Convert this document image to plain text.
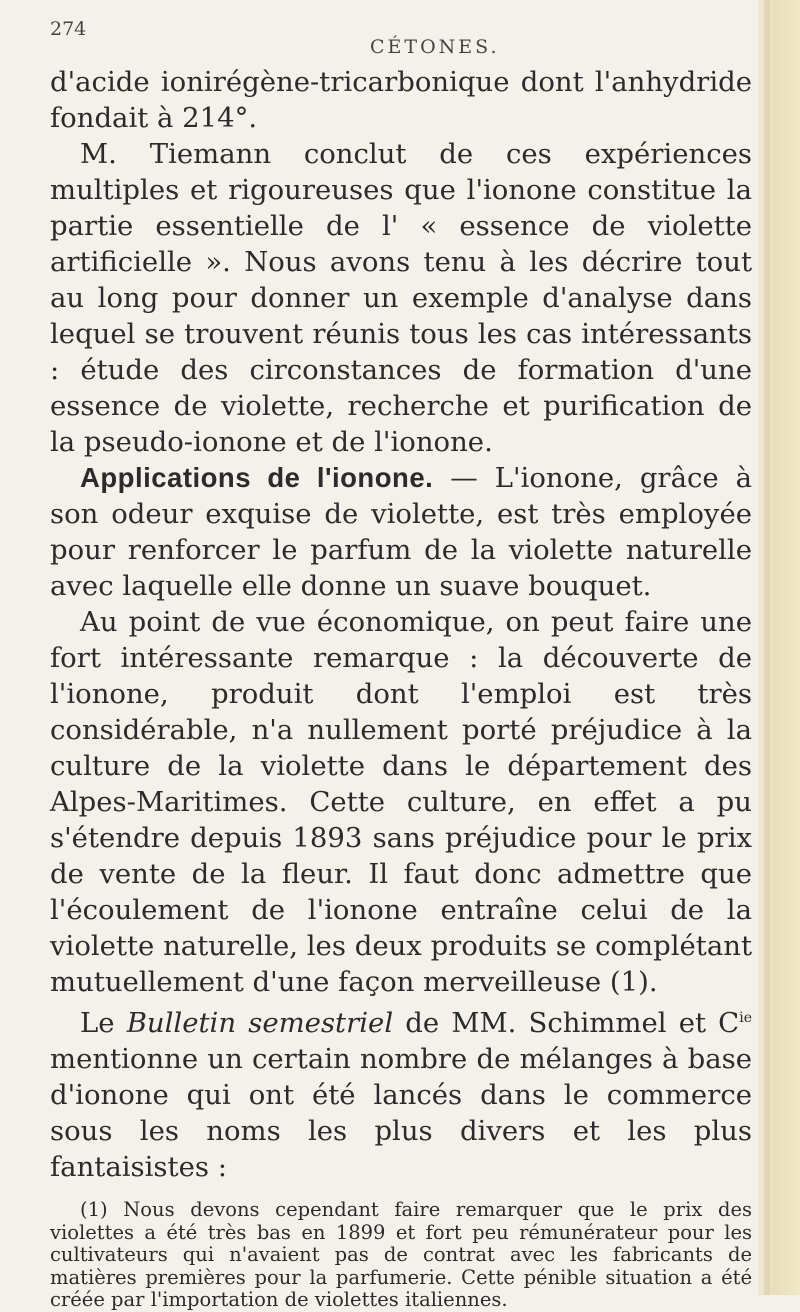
274
CÉTONES.

d'acide ionirégène-tricarbonique dont l'anhydride fondait à 214°.

M. Tiemann conclut de ces expériences multiples et rigoureuses que l'ionone constitue la partie essentielle de l' « essence de violette artificielle ». Nous avons tenu à les décrire tout au long pour donner un exemple d'analyse dans lequel se trouvent réunis tous les cas intéressants : étude des circonstances de formation d'une essence de violette, recherche et purification de la pseudo-ionone et de l'ionone.

Applications de l'ionone. — L'ionone, grâce à son odeur exquise de violette, est très employée pour renforcer le parfum de la violette naturelle avec laquelle elle donne un suave bouquet.

Au point de vue économique, on peut faire une fort intéressante remarque : la découverte de l'ionone, produit dont l'emploi est très considérable, n'a nullement porté préjudice à la culture de la violette dans le département des Alpes-Maritimes. Cette culture, en effet a pu s'étendre depuis 1893 sans préjudice pour le prix de vente de la fleur. Il faut donc admettre que l'écoulement de l'ionone entraîne celui de la violette naturelle, les deux produits se complétant mutuellement d'une façon merveilleuse (1).

Le Bulletin semestriel de MM. Schimmel et $C^{ie}$ mentionne un certain nombre de mélanges à base d'ionone qui ont été lancés dans le commerce sous les noms les plus divers et les plus fantaisistes :

(1) Nous devons cependant faire remarquer que le prix des violettes a été très bas en 1899 et fort peu rémunérateur pour les cultivateurs qui n'avaient pas de contrat avec les fabricants de matières premières pour la parfumerie. Cette pénible situation a été créée par l'importation de violettes italiennes.
